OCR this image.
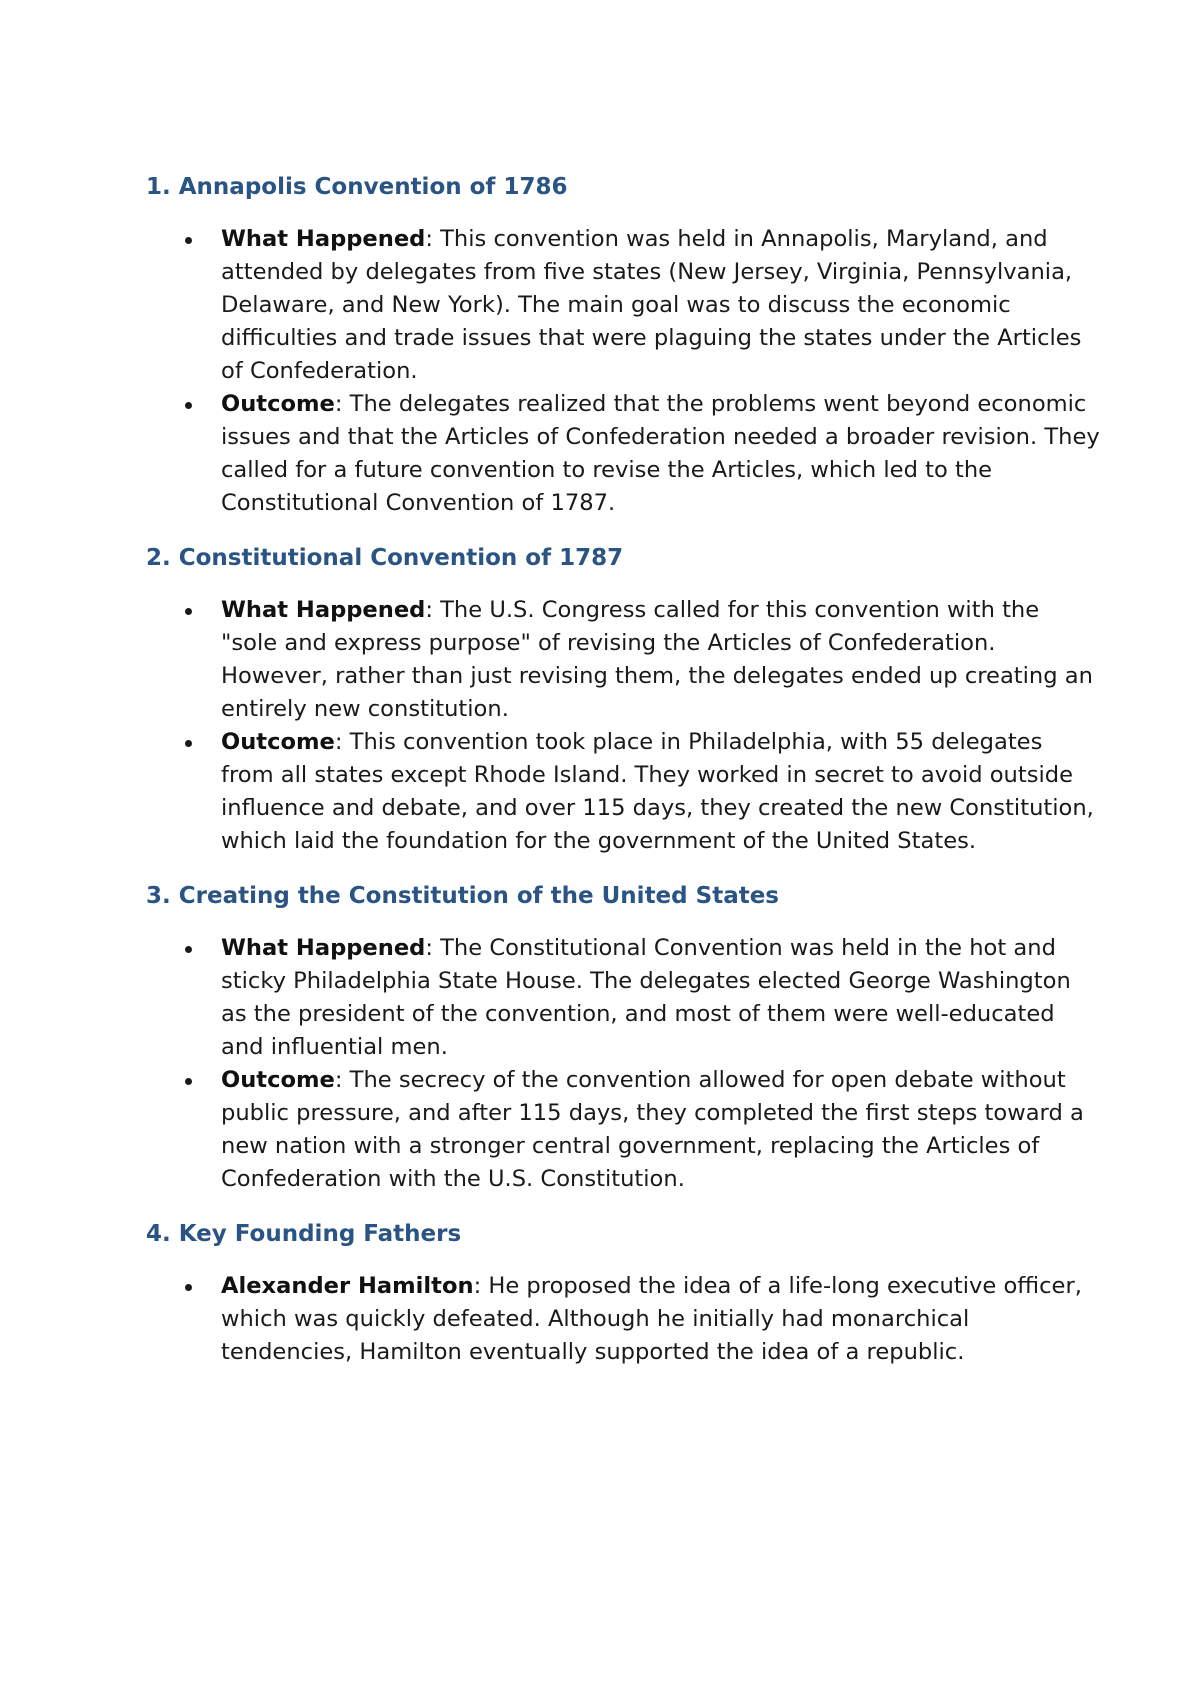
1. Annapolis Convention of 1786
What Happened: This convention was held in Annapolis, Maryland, and attended by delegates from five states (New Jersey, Virginia, Pennsylvania, Delaware, and New York). The main goal was to discuss the economic difficulties and trade issues that were plaguing the states under the Articles of Confederation.
Outcome: The delegates realized that the problems went beyond economic issues and that the Articles of Confederation needed a broader revision. They called for a future convention to revise the Articles, which led to the Constitutional Convention of 1787.
2. Constitutional Convention of 1787
What Happened: The U.S. Congress called for this convention with the "sole and express purpose" of revising the Articles of Confederation. However, rather than just revising them, the delegates ended up creating an entirely new constitution.
Outcome: This convention took place in Philadelphia, with 55 delegates from all states except Rhode Island. They worked in secret to avoid outside influence and debate, and over 115 days, they created the new Constitution, which laid the foundation for the government of the United States.
3. Creating the Constitution of the United States
What Happened: The Constitutional Convention was held in the hot and sticky Philadelphia State House. The delegates elected George Washington as the president of the convention, and most of them were well-educated and influential men.
Outcome: The secrecy of the convention allowed for open debate without public pressure, and after 115 days, they completed the first steps toward a new nation with a stronger central government, replacing the Articles of Confederation with the U.S. Constitution.
4. Key Founding Fathers
Alexander Hamilton: He proposed the idea of a life-long executive officer, which was quickly defeated. Although he initially had monarchical tendencies, Hamilton eventually supported the idea of a republic.
